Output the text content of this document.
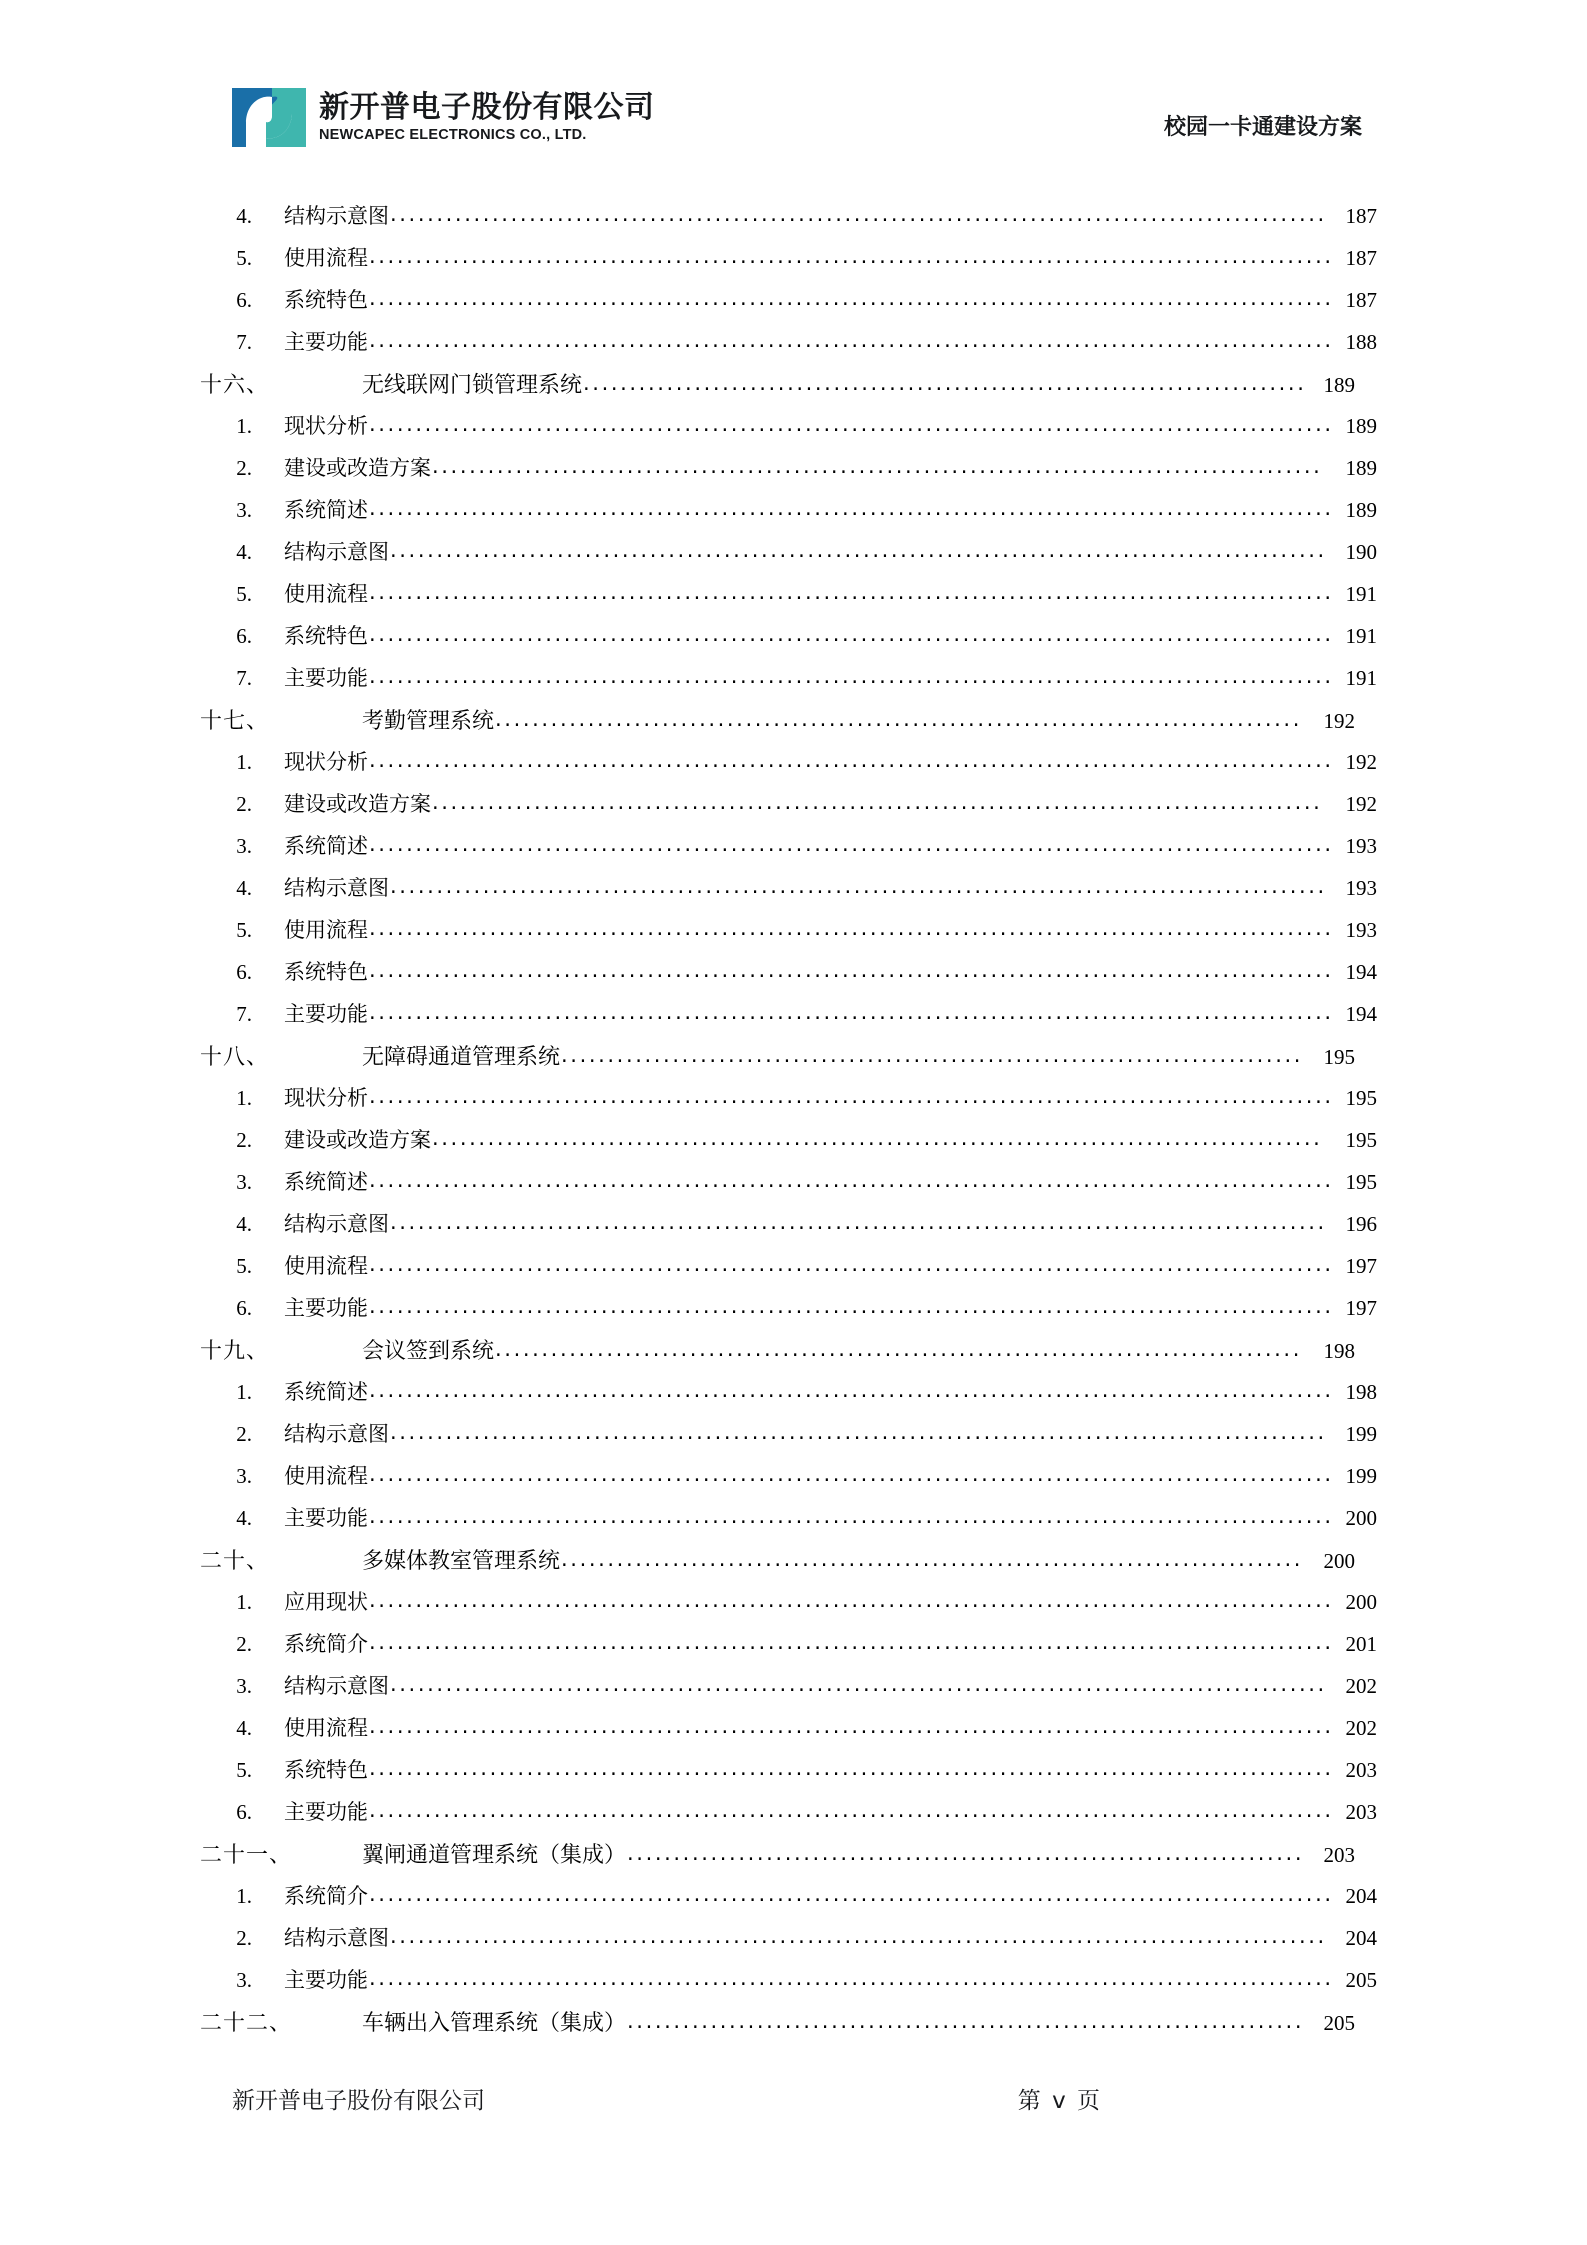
新开普电子股份有限公司
NEWCAPEC ELECTRONICS CO., LTD.	校园一卡通建设方案
4.	结构示意图 .....	187
5.	使用流程 .....	187
6.	系统特色 .....	187
7.	主要功能 .....	188
十六、	无线联网门锁管理系统 .....	189
1.	现状分析 .....	189
2.	建设或改造方案 .....	189
3.	系统简述 .....	189
4.	结构示意图 .....	190
5.	使用流程 .....	191
6.	系统特色 .....	191
7.	主要功能 .....	191
十七、	考勤管理系统 .....	192
1.	现状分析 .....	192
2.	建设或改造方案 .....	192
3.	系统简述 .....	193
4.	结构示意图 .....	193
5.	使用流程 .....	193
6.	系统特色 .....	194
7.	主要功能 .....	194
十八、	无障碍通道管理系统 .....	195
1.	现状分析 .....	195
2.	建设或改造方案 .....	195
3.	系统简述 .....	195
4.	结构示意图 .....	196
5.	使用流程 .....	197
6.	主要功能 .....	197
十九、	会议签到系统 .....	198
1.	系统简述 .....	198
2.	结构示意图 .....	199
3.	使用流程 .....	199
4.	主要功能 .....	200
二十、	多媒体教室管理系统 .....	200
1.	应用现状 .....	200
2.	系统简介 .....	201
3.	结构示意图 .....	202
4.	使用流程 .....	202
5.	系统特色 .....	203
6.	主要功能 .....	203
二十一、	翼闸通道管理系统（集成） .....	203
1.	系统简介 .....	204
2.	结构示意图 .....	204
3.	主要功能 .....	205
二十二、	车辆出入管理系统（集成） .....	205
新开普电子股份有限公司	第 v 页
